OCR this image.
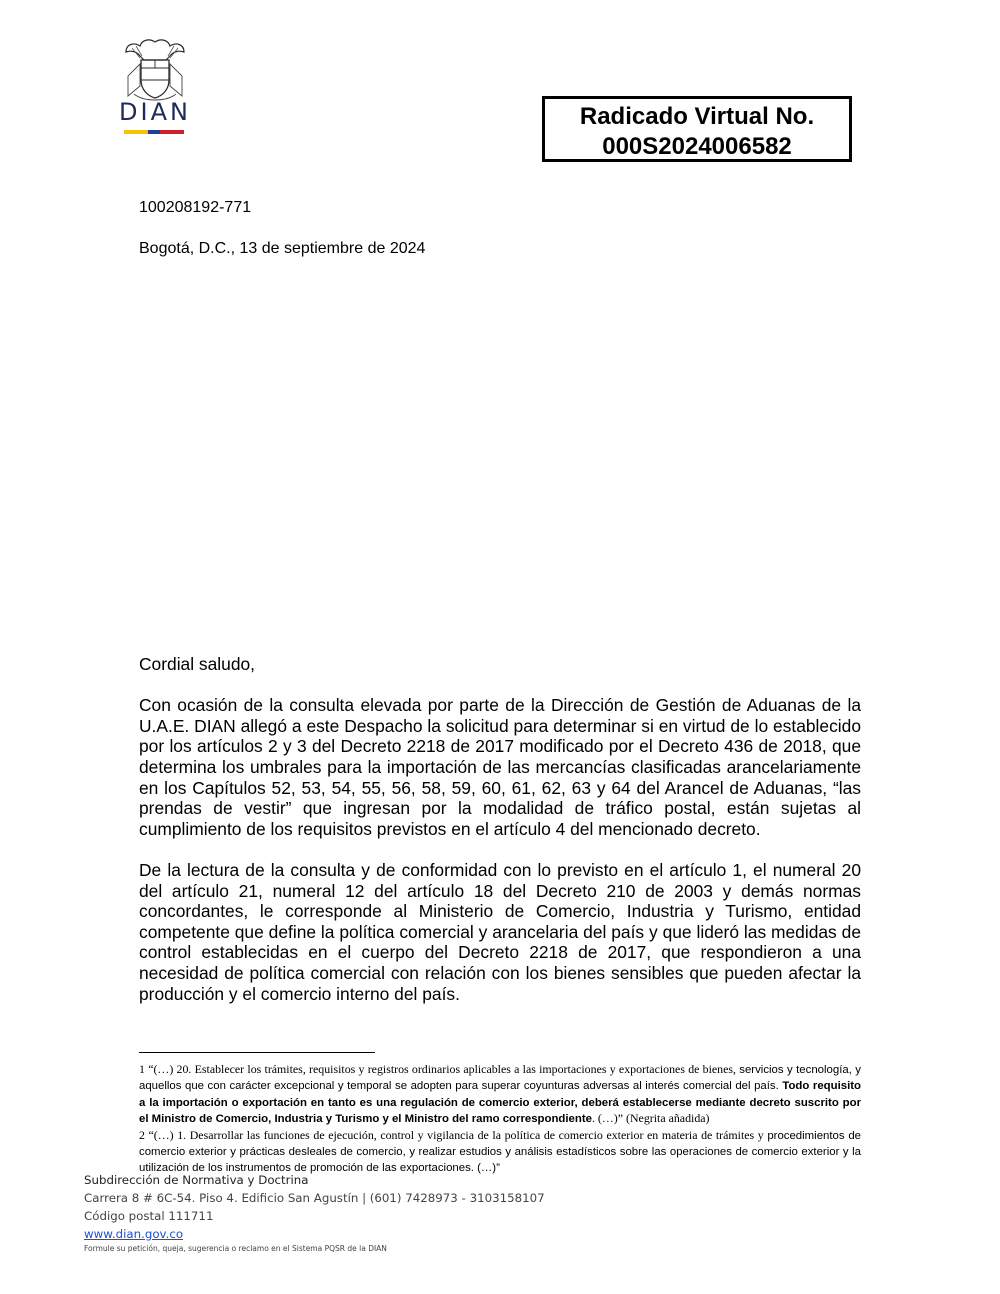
DIAN	Radicado Virtual No.
000S2024006582
100208192-771
Bogotá, D.C., 13 de septiembre de 2024
Cordial saludo,

Con ocasión de la consulta elevada por parte de la Dirección de Gestión de Aduanas de la U.A.E. DIAN allegó a este Despacho la solicitud para determinar si en virtud de lo establecido por los artículos 2 y 3 del Decreto 2218 de 2017 modificado por el Decreto 436 de 2018, que determina los umbrales para la importación de las mercancías clasificadas arancelariamente en los Capítulos 52, 53, 54, 55, 56, 58, 59, 60, 61, 62, 63 y 64 del Arancel de Aduanas, “las prendas de vestir” que ingresan por la modalidad de tráfico postal, están sujetas al cumplimiento de los requisitos previstos en el artículo 4 del mencionado decreto.

De la lectura de la consulta y de conformidad con lo previsto en el artículo 1, el numeral 20 del artículo 21, numeral 12 del artículo 18 del Decreto 210 de 2003 y demás normas concordantes, le corresponde al Ministerio de Comercio, Industria y Turismo, entidad competente que define la política comercial y arancelaria del país y que lideró las medidas de control establecidas en el cuerpo del Decreto 2218 de 2017, que respondieron a una necesidad de política comercial con relación con los bienes sensibles que pueden afectar la producción y el comercio interno del país.

1 “(…) 20. Establecer los trámites, requisitos y registros ordinarios aplicables a las importaciones y exportaciones de bienes, servicios y tecnología, y aquellos que con carácter excepcional y temporal se adopten para superar coyunturas adversas al interés comercial del país. Todo requisito a la importación o exportación en tanto es una regulación de comercio exterior, deberá establecerse mediante decreto suscrito por el Ministro de Comercio, Industria y Turismo y el Ministro del ramo correspondiente. (…)” (Negrita añadida)
2 “(…) 1. Desarrollar las funciones de ejecución, control y vigilancia de la política de comercio exterior en materia de trámites y procedimientos de comercio exterior y prácticas desleales de comercio, y realizar estudios y análisis estadísticos sobre las operaciones de comercio exterior y la utilización de los instrumentos de promoción de las exportaciones. (…)”
Subdirección de Normativa y Doctrina
Carrera 8 # 6C-54. Piso 4. Edificio San Agustín | (601) 7428973 - 3103158107
Código postal 111711
www.dian.gov.co
Formule su petición, queja, sugerencia o reclamo en el Sistema PQSR de la DIAN
